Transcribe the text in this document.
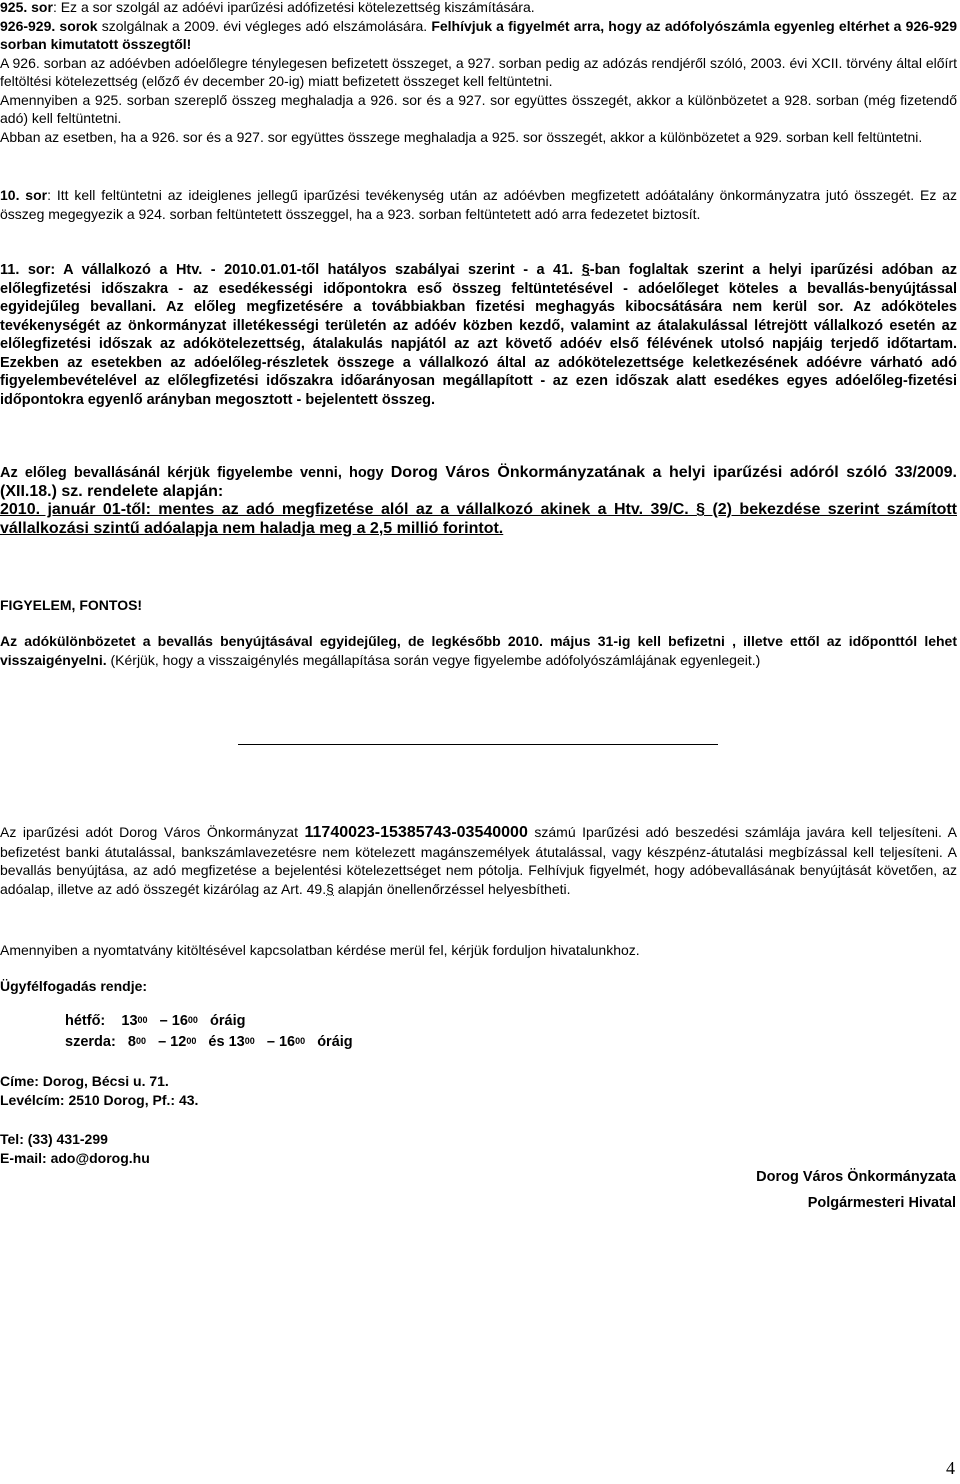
925. sor: Ez a sor szolgál az adóévi iparűzési adófizetési kötelezettség kiszámítására.

926-929. sorok szolgálnak a 2009. évi végleges adó elszámolására. Felhívjuk a figyelmét arra, hogy az adófolyószámla egyenleg eltérhet a 926-929 sorban kimutatott összegtől!

A 926. sorban az adóévben adóelőlegre ténylegesen befizetett összeget, a 927. sorban pedig az adózás rendjéről szóló, 2003. évi XCII. törvény által előírt feltöltési kötelezettség (előző év december 20-ig) miatt befizetett összeget kell feltüntetni.

Amennyiben a 925. sorban szereplő összeg meghaladja a 926. sor és a 927. sor együttes összegét, akkor a különbözetet a 928. sorban (még fizetendő adó) kell feltüntetni.

Abban az esetben, ha a 926. sor és a 927. sor együttes összege meghaladja a 925. sor összegét, akkor a különbözetet a 929. sorban kell feltüntetni.

10. sor: Itt kell feltüntetni az ideiglenes jellegű iparűzési tevékenység után az adóévben megfizetett adóátalány önkormányzatra jutó összegét. Ez az összeg megegyezik a 924. sorban feltüntetett összeggel, ha a 923. sorban feltüntetett adó arra fedezetet biztosít.

11. sor: A vállalkozó a Htv. - 2010.01.01-től hatályos szabályai szerint - a 41. §-ban foglaltak szerint a helyi iparűzési adóban az előlegfizetési időszakra - az esedékességi időpontokra eső összeg feltüntetésével - adóelőleget köteles a bevallás-benyújtással egyidejűleg bevallani. Az előleg megfizetésére a továbbiakban fizetési meghagyás kibocsátására nem kerül sor. Az adóköteles tevékenységét az önkormányzat illetékességi területén az adóév közben kezdő, valamint az átalakulással létrejött vállalkozó esetén az előlegfizetési időszak az adókötelezettség, átalakulás napjától az azt követő adóév első félévének utolsó napjáig terjedő időtartam. Ezekben az esetekben az adóelőleg-részletek összege a vállalkozó által az adókötelezettsége keletkezésének adóévre várható adó figyelembevételével az előlegfizetési időszakra időarányosan megállapított - az ezen időszak alatt esedékes egyes adóelőleg-fizetési időpontokra egyenlő arányban megosztott - bejelentett összeg.

Az előleg bevallásánál kérjük figyelembe venni, hogy Dorog Város Önkormányzatának a helyi iparűzési adóról szóló 33/2009.(XII.18.) sz. rendelete alapján:

2010. január 01-től: mentes az adó megfizetése alól az a vállalkozó akinek a Htv. 39/C. § (2) bekezdése szerint számított vállalkozási szintű adóalapja nem haladja meg a 2,5 millió forintot.

FIGYELEM, FONTOS!

Az adókülönbözetet a bevallás benyújtásával egyidejűleg, de legkésőbb 2010. május 31-ig kell befizetni , illetve ettől az időponttól lehet visszaigényelni. (Kérjük, hogy a visszaigénylés megállapítása során vegye figyelembe adófolyószámlájának egyenlegeit.)

Az iparűzési adót Dorog Város Önkormányzat 11740023-15385743-03540000 számú Iparűzési adó beszedési számlája javára kell teljesíteni. A befizetést banki átutalással, bankszámlavezetésre nem kötelezett magánszemélyek átutalással, vagy készpénz-átutalási megbízással kell teljesíteni. A bevallás benyújtása, az adó megfizetése a bejelentési kötelezettséget nem pótolja. Felhívjuk figyelmét, hogy adóbevallásának benyújtását követően, az adóalap, illetve az adó összegét kizárólag az Art. 49.§ alapján önellenőrzéssel helyesbítheti.

Amennyiben a nyomtatvány kitöltésével kapcsolatban kérdése merül fel, kérjük forduljon hivatalunkhoz.

Ügyfélfogadás rendje:

hétfő: $13^{00} - 16^{00}$ óráig
szerda: $8^{00} - 12^{00}$ és $13^{00} - 16^{00}$ óráig

Címe: Dorog, Bécsi u. 71.

Levélcím: 2510 Dorog, Pf.: 43.

Tel: (33) 431-299

E-mail: ado@dorog.hu

Dorog Város Önkormányzata
Polgármesteri Hivatal
4
